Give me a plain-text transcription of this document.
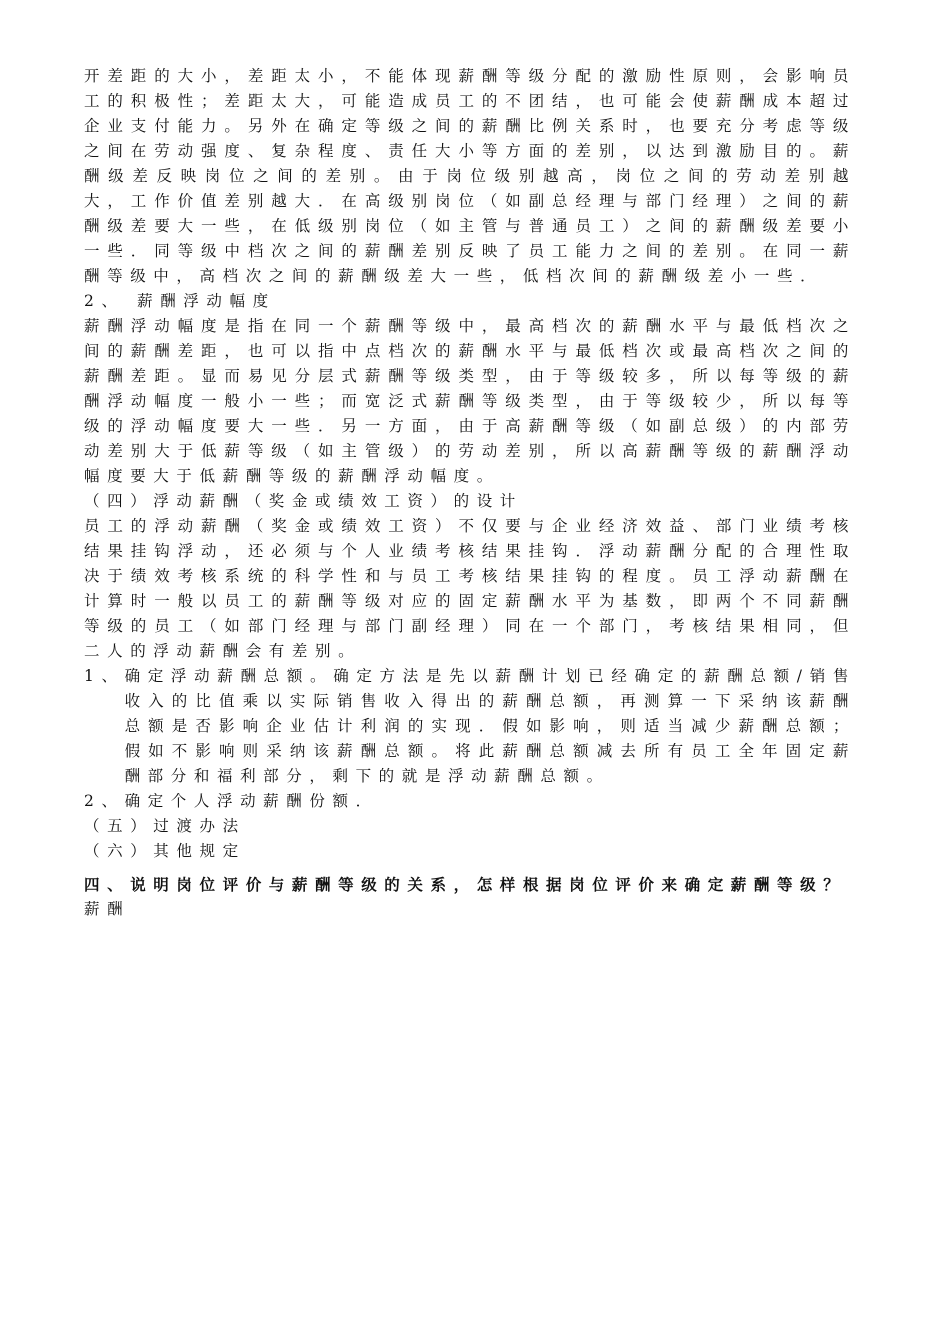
开差距的大小，差距太小，不能体现薪酬等级分配的激励性原则，会影响员工的积极性；差距太大，可能造成员工的不团结，也可能会使薪酬成本超过企业支付能力。另外在确定等级之间的薪酬比例关系时，也要充分考虑等级之间在劳动强度、复杂程度、责任大小等方面的差别，以达到激励目的。薪酬级差反映岗位之间的差别。由于岗位级别越高，岗位之间的劳动差别越大，工作价值差别越大．在高级别岗位（如副总经理与部门经理）之间的薪酬级差要大一些，在低级别岗位（如主管与普通员工）之间的薪酬级差要小一些．同等级中档次之间的薪酬差别反映了员工能力之间的差别。在同一薪酬等级中，高档次之间的薪酬级差大一些，低档次间的薪酬级差小一些．

2、 薪酬浮动幅度

薪酬浮动幅度是指在同一个薪酬等级中，最高档次的薪酬水平与最低档次之间的薪酬差距，也可以指中点档次的薪酬水平与最低档次或最高档次之间的薪酬差距。显而易见分层式薪酬等级类型，由于等级较多，所以每等级的薪酬浮动幅度一般小一些；而宽泛式薪酬等级类型，由于等级较少，所以每等级的浮动幅度要大一些．另一方面，由于高薪酬等级（如副总级）的内部劳动差别大于低薪等级（如主管级）的劳动差别，所以高薪酬等级的薪酬浮动幅度要大于低薪酬等级的薪酬浮动幅度。

（四）浮动薪酬（奖金或绩效工资）的设计

员工的浮动薪酬（奖金或绩效工资）不仅要与企业经济效益、部门业绩考核结果挂钩浮动，还必须与个人业绩考核结果挂钩．浮动薪酬分配的合理性取决于绩效考核系统的科学性和与员工考核结果挂钩的程度。员工浮动薪酬在计算时一般以员工的薪酬等级对应的固定薪酬水平为基数，即两个不同薪酬等级的员工（如部门经理与部门副经理）同在一个部门，考核结果相同，但二人的浮动薪酬会有差别。

1、 确定浮动薪酬总额。确定方法是先以薪酬计划已经确定的薪酬总额/销售收入的比值乘以实际销售收入得出的薪酬总额，再测算一下采纳该薪酬总额是否影响企业估计利润的实现．假如影响，则适当减少薪酬总额；假如不影响则采纳该薪酬总额。将此薪酬总额减去所有员工全年固定薪酬部分和福利部分，剩下的就是浮动薪酬总额。
2、 确定个人浮动薪酬份额．

（五）过渡办法

（六）其他规定

四、说明岗位评价与薪酬等级的关系，怎样根据岗位评价来确定薪酬等级？

薪酬
